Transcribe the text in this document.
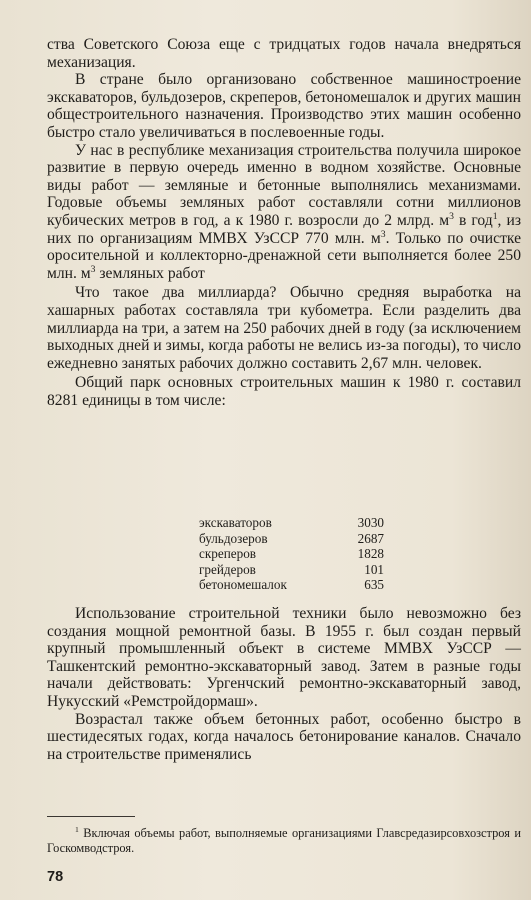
ства Советского Союза еще с тридцатых годов начала внедряться механизация.

В стране было организовано собственное машиностроение экскаваторов, бульдозеров, скреперов, бетономешалок и других машин общестроительного назначения. Производство этих машин особенно быстро стало увеличиваться в послевоенные годы.

У нас в республике механизация строительства получила широкое развитие в первую очередь именно в водном хозяйстве. Основные виды работ — земляные и бетонные выполнялись механизмами. Годовые объемы земляных работ составляли сотни миллионов кубических метров в год, а к 1980 г. возросли до 2 млрд. $м^3$ в год$^1$, из них по организациям ММВХ УзССР 770 млн. $м^3$. Только по очистке оросительной и коллекторно-дренажной сети выполняется более 250 млн. $м^3$ земляных работ

Что такое два миллиарда? Обычно средняя выработка на хашарных работах составляла три кубометра. Если разделить два миллиарда на три, а затем на 250 рабочих дней в году (за исключением выходных дней и зимы, когда работы не велись из-за погоды), то число ежедневно занятых рабочих должно составить 2,67 млн. человек.

Общий парк основных строительных машин к 1980 г. составил 8281 единицы в том числе:

экскаваторов	3030
бульдозеров	2687
скреперов	1828
грейдеров	101
бетономешалок	635

Использование строительной техники было невозможно без создания мощной ремонтной базы. В 1955 г. был создан первый крупный промышленный объект в системе ММВХ УзССР — Ташкентский ремонтно-экскаваторный завод. Затем в разные годы начали действовать: Ургенчский ремонтно-экскаваторный завод, Нукусский «Ремстройдормаш».

Возрастал также объем бетонных работ, особенно быстро в шестидесятых годах, когда началось бетонирование каналов. Сначало на строительстве применялись

$^1$ Включая объемы работ, выполняемые организациями Главсредазирсовхозстроя и Госкомводстроя.

78
